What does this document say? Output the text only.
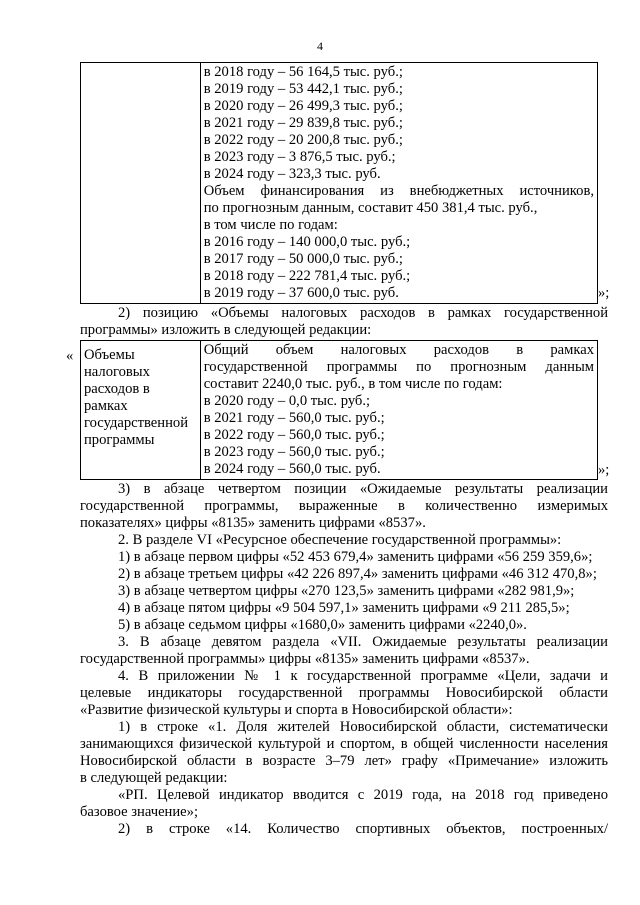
4

в 2018 году – 56 164,5 тыс. руб.;
в 2019 году – 53 442,1 тыс. руб.;
в 2020 году – 26 499,3 тыс. руб.;
в 2021 году – 29 839,8 тыс. руб.;
в 2022 году – 20 200,8 тыс. руб.;
в 2023 году – 3 876,5 тыс. руб.;
в 2024 году – 323,3 тыс. руб.
Объем финансирования из внебюджетных источников,
по прогнозным данным, составит 450 381,4 тыс. руб.,
в том числе по годам:
в 2016 году – 140 000,0 тыс. руб.;
в 2017 году – 50 000,0 тыс. руб.;
в 2018 году – 222 781,4 тыс. руб.;
в 2019 году – 37 600,0 тыс. руб.	»;
2) позицию «Объемы налоговых расходов в рамках государственной
программы» изложить в следующей редакции:
« Объемы
налоговых
расходов в
рамках
государственной
программы

Общий объем налоговых расходов в рамках
государственной программы по прогнозным данным
составит 2240,0 тыс. руб., в том числе по годам:
в 2020 году – 0,0 тыс. руб.;
в 2021 году – 560,0 тыс. руб.;
в 2022 году – 560,0 тыс. руб.;
в 2023 году – 560,0 тыс. руб.;
в 2024 году – 560,0 тыс. руб.	»;
3) в абзаце четвертом позиции «Ожидаемые результаты реализации
государственной программы, выраженные в количественно измеримых
показателях» цифры «8135» заменить цифрами «8537».
2. В разделе VI «Ресурсное обеспечение государственной программы»:
1) в абзаце первом цифры «52 453 679,4» заменить цифрами «56 259 359,6»;
2) в абзаце третьем цифры «42 226 897,4» заменить цифрами «46 312 470,8»;
3) в абзаце четвертом цифры «270 123,5» заменить цифрами «282 981,9»;
4) в абзаце пятом цифры «9 504 597,1» заменить цифрами «9 211 285,5»;
5) в абзаце седьмом цифры «1680,0» заменить цифрами «2240,0».
3. В абзаце девятом раздела «VII. Ожидаемые результаты реализации
государственной программы» цифры «8135» заменить цифрами «8537».
4. В приложении № 1 к государственной программе «Цели, задачи и
целевые индикаторы государственной программы Новосибирской области
«Развитие физической культуры и спорта в Новосибирской области»:
1) в строке «1. Доля жителей Новосибирской области, систематически
занимающихся физической культурой и спортом, в общей численности населения
Новосибирской области в возрасте 3–79 лет» графу «Примечание» изложить
в следующей редакции:
«РП. Целевой индикатор вводится с 2019 года, на 2018 год приведено
базовое значение»;
2) в строке «14. Количество спортивных объектов, построенных/
